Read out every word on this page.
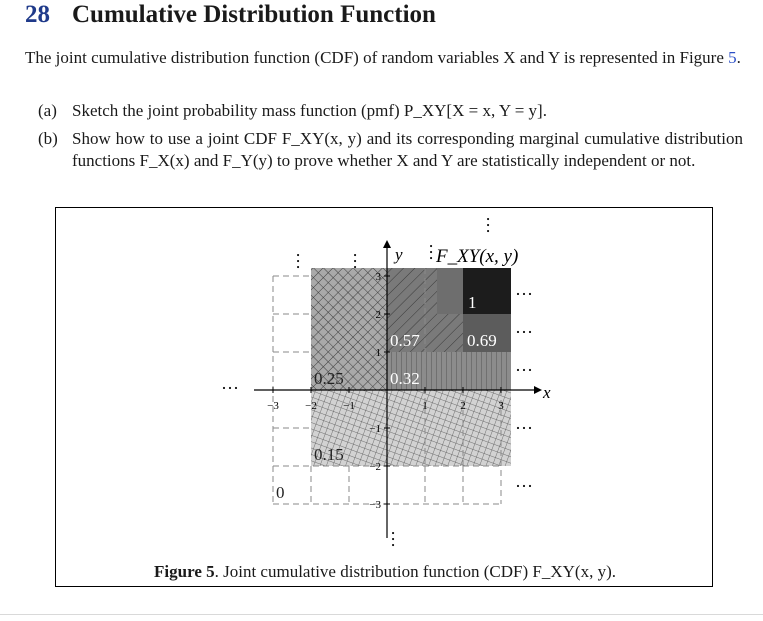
28 Cumulative Distribution Function
The joint cumulative distribution function (CDF) of random variables X and Y is represented in Figure 5.
(a) Sketch the joint probability mass function (pmf) P_XY[X = x, Y = y].
(b) Show how to use a joint CDF F_XY(x, y) and its corresponding marginal cumulative distribution functions F_X(x) and F_Y(y) to prove whether X and Y are statistically independent or not.
−3 −2 −1	1	2	3
3
2
1
−1
−2
−3
x
y F_XY(x, y)
··· ···
···
···
···
···
···
···
···
···
···
0
0.15
0.25	0.32
0.57	0.69
1
Figure 5. Joint cumulative distribution function (CDF) F_XY(x, y).
